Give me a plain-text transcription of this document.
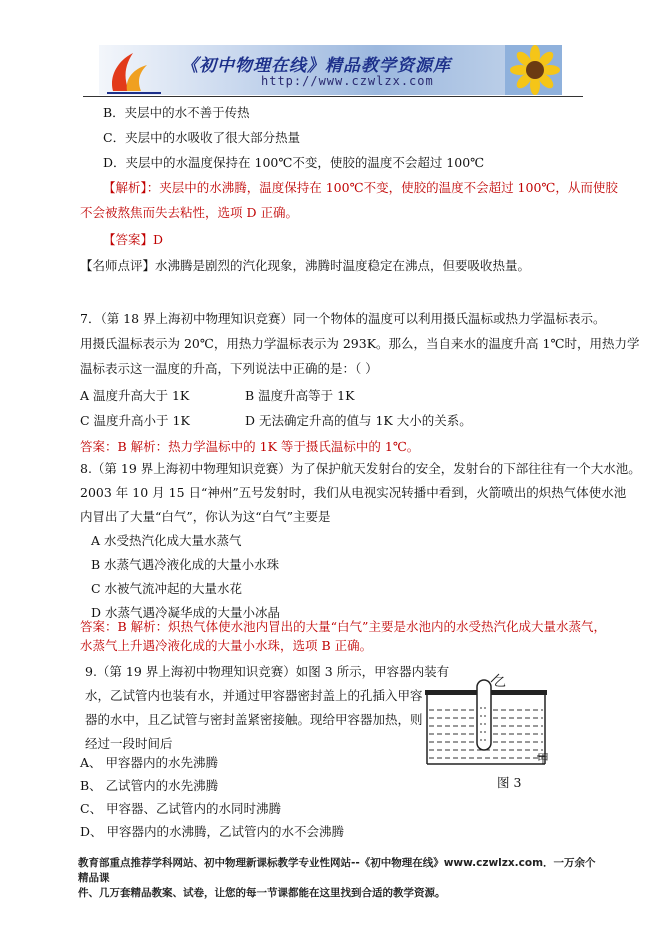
《初中物理在线》精品教学资源库
http://www.czwlzx.com
B．夹层中的水不善于传热
C．夹层中的水吸收了很大部分热量
D．夹层中的水温度保持在 100℃不变，使胶的温度不会超过 100℃
【解析】：夹层中的水沸腾，温度保持在 100℃不变，使胶的温度不会超过 100℃，从而使胶
不会被熬焦而失去粘性，选项 D 正确。
【答案】D
【名师点评】水沸腾是剧烈的汽化现象，沸腾时温度稳定在沸点，但要吸收热量。
7．（第 18 界上海初中物理知识竞赛）同一个物体的温度可以利用摄氏温标或热力学温标表示。
用摄氏温标表示为 20℃，用热力学温标表示为 293K。那么，当自来水的温度升高 1℃时，用热力学
温标表示这一温度的升高，下列说法中正确的是：（ ）
A 温度升高大于 1K	B 温度升高等于 1K
C 温度升高小于 1K	D 无法确定升高的值与 1K 大小的关系。
答案：B 解析：热力学温标中的 1K 等于摄氏温标中的 1℃。
8.（第 19 界上海初中物理知识竞赛）为了保护航天发射台的安全，发射台的下部往往有一个大水池。
2003 年 10 月 15 日“神州”五号发射时，我们从电视实况转播中看到，火箭喷出的炽热气体使水池
内冒出了大量“白气”，你认为这“白气”主要是
A 水受热汽化成大量水蒸气
B 水蒸气遇冷液化成的大量小水珠
C 水被气流冲起的大量水花
D 水蒸气遇冷凝华成的大量小冰晶
答案：B 解析：炽热气体使水池内冒出的大量“白气”主要是水池内的水受热汽化成大量水蒸气，
水蒸气上升遇冷液化成的大量小水珠，选项 B 正确。
9.（第 19 界上海初中物理知识竞赛）如图 3 所示，甲容器内装有
水，乙试管内也装有水，并通过甲容器密封盖上的孔插入甲容
器的水中，且乙试管与密封盖紧密接触。现给甲容器加热，则
经过一段时间后
A、 甲容器内的水先沸腾
B、 乙试管内的水先沸腾
C、 甲容器、乙试管内的水同时沸腾
D、 甲容器内的水沸腾，乙试管内的水不会沸腾
乙
甲
图 3
教育部重点推荐学科网站、初中物理新课标教学专业性网站--《初中物理在线》www.czwlzx.com．一万余个精品课
件、几万套精品教案、试卷，让您的每一节课都能在这里找到合适的教学资源。
